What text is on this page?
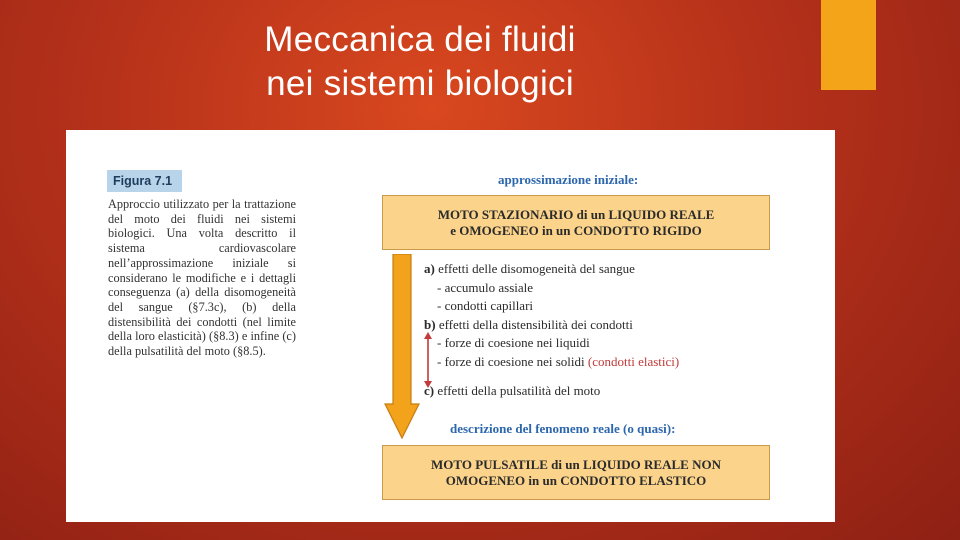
Meccanica dei fluidi
nei sistemi biologici
Figura 7.1

Approccio utilizzato per la trattazione del moto dei fluidi nei sistemi biologici. Una volta descritto il sistema cardiovascolare nell’approssimazione iniziale si considerano le modifiche e i dettagli conseguenza (a) della disomogeneità del sangue (§7.3c), (b) della distensibilità dei condotti (nel limite della loro elasticità) (§8.3) e infine (c) della pulsatilità del moto (§8.5).

approssimazione iniziale:
MOTO STAZIONARIO di un LIQUIDO REALE
e OMOGENEO in un CONDOTTO RIGIDO
a) effetti delle disomogeneità del sangue
- accumulo assiale
- condotti capillari
b) effetti della distensibilità dei condotti
- forze di coesione nei liquidi
- forze di coesione nei solidi (condotti elastici)
c) effetti della pulsatilità del moto
descrizione del fenomeno reale (o quasi):
MOTO PULSATILE di un LIQUIDO REALE NON
OMOGENEO in un CONDOTTO ELASTICO
